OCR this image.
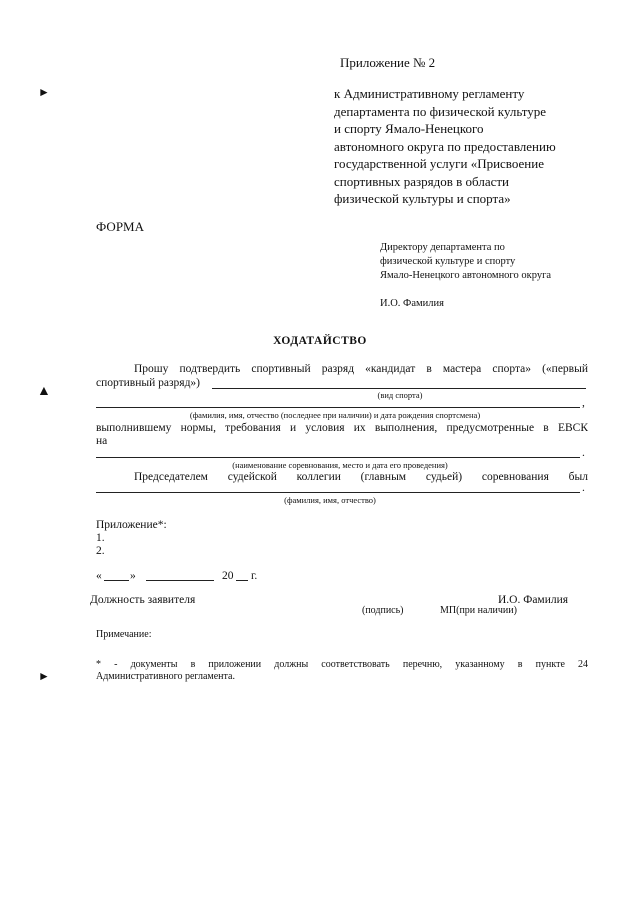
►
▲
►
Приложение № 2
к Административному регламенту
департамента по физической культуре
и спорту Ямало-Ненецкого
автономного округа по предоставлению
государственной услуги «Присвоение
спортивных разрядов в области
физической культуры и спорта»
ФОРМА
Директору департамента по
физической культуре и спорту
Ямало-Ненецкого автономного округа
И.О. Фамилия
ХОДАТАЙСТВО
Прошу подтвердить спортивный разряд «кандидат в мастера спорта» («первый
спортивный разряд»)
(вид спорта)
,
(фамилия, имя, отчество (последнее при наличии) и дата рождения спортсмена)
выполнившему нормы, требования и условия их выполнения, предусмотренные в ЕВСК
на
.
(наименование соревнования, место и дата его проведения)
Председателем судейской коллегии (главным судьей) соревнования был
.
(фамилия, имя, отчество)
Приложение*:
1.
2.
« »	20 г.
Должность заявителя	И.О. Фамилия
(подпись)	МП(при наличии)
Примечание:
* - документы в приложении должны соответствовать перечню, указанному в пункте 24
Административного регламента.
